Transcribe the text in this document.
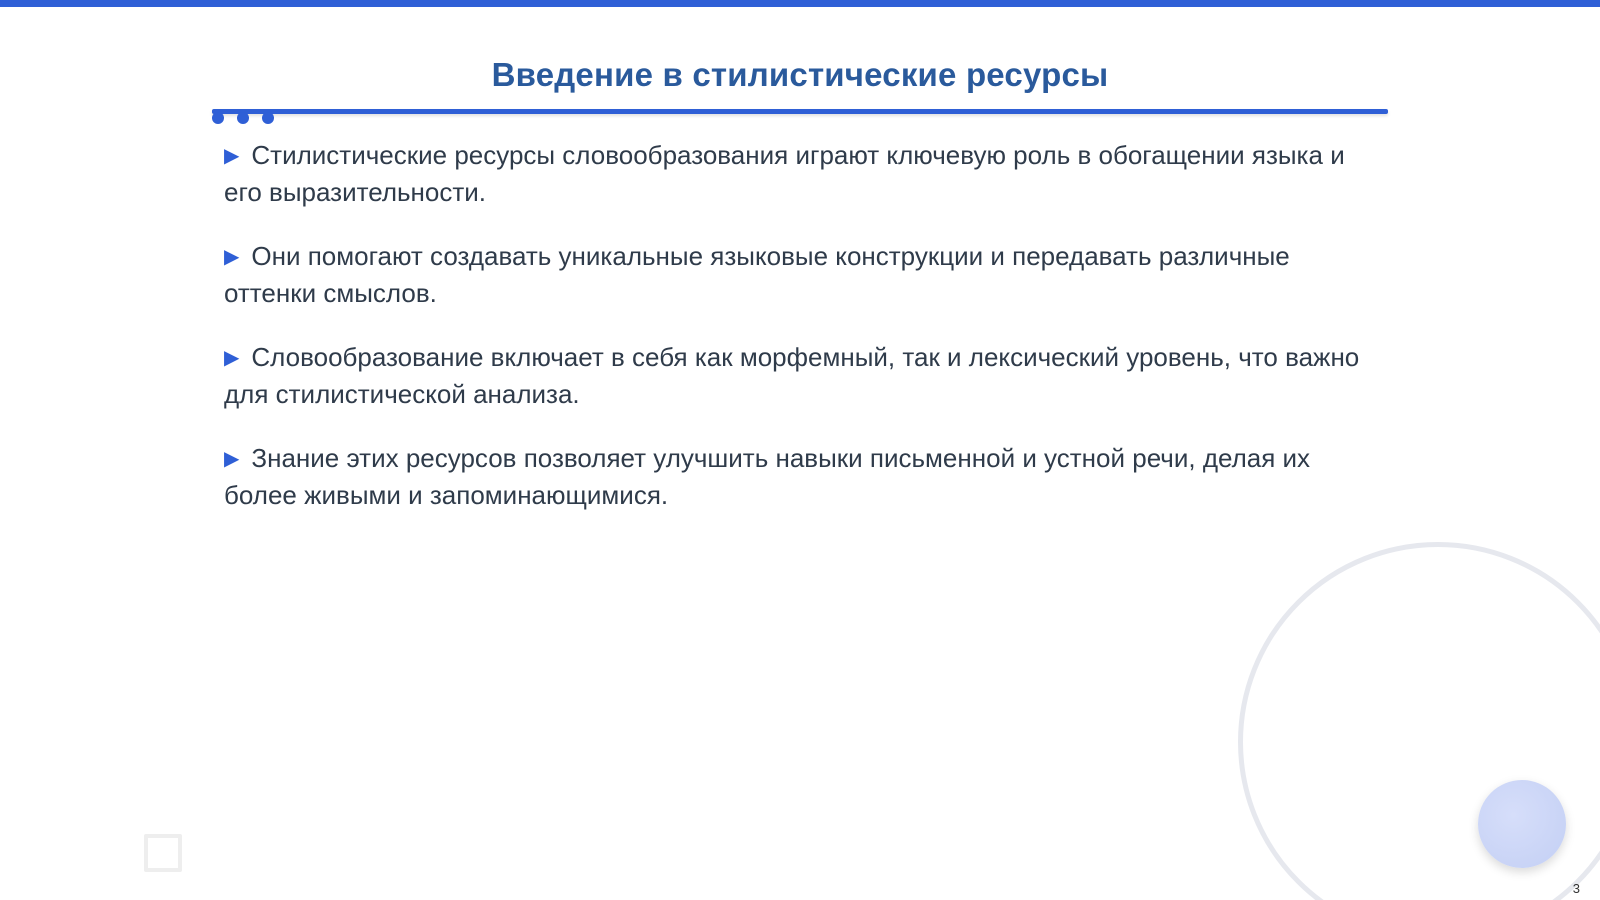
Введение в стилистические ресурсы
▶ Стилистические ресурсы словообразования играют ключевую роль в обогащении языка и его выразительности.
▶ Они помогают создавать уникальные языковые конструкции и передавать различные оттенки смыслов.
▶ Словообразование включает в себя как морфемный, так и лексический уровень, что важно для стилистической анализа.
▶ Знание этих ресурсов позволяет улучшить навыки письменной и устной речи, делая их более живыми и запоминающимися.
3
